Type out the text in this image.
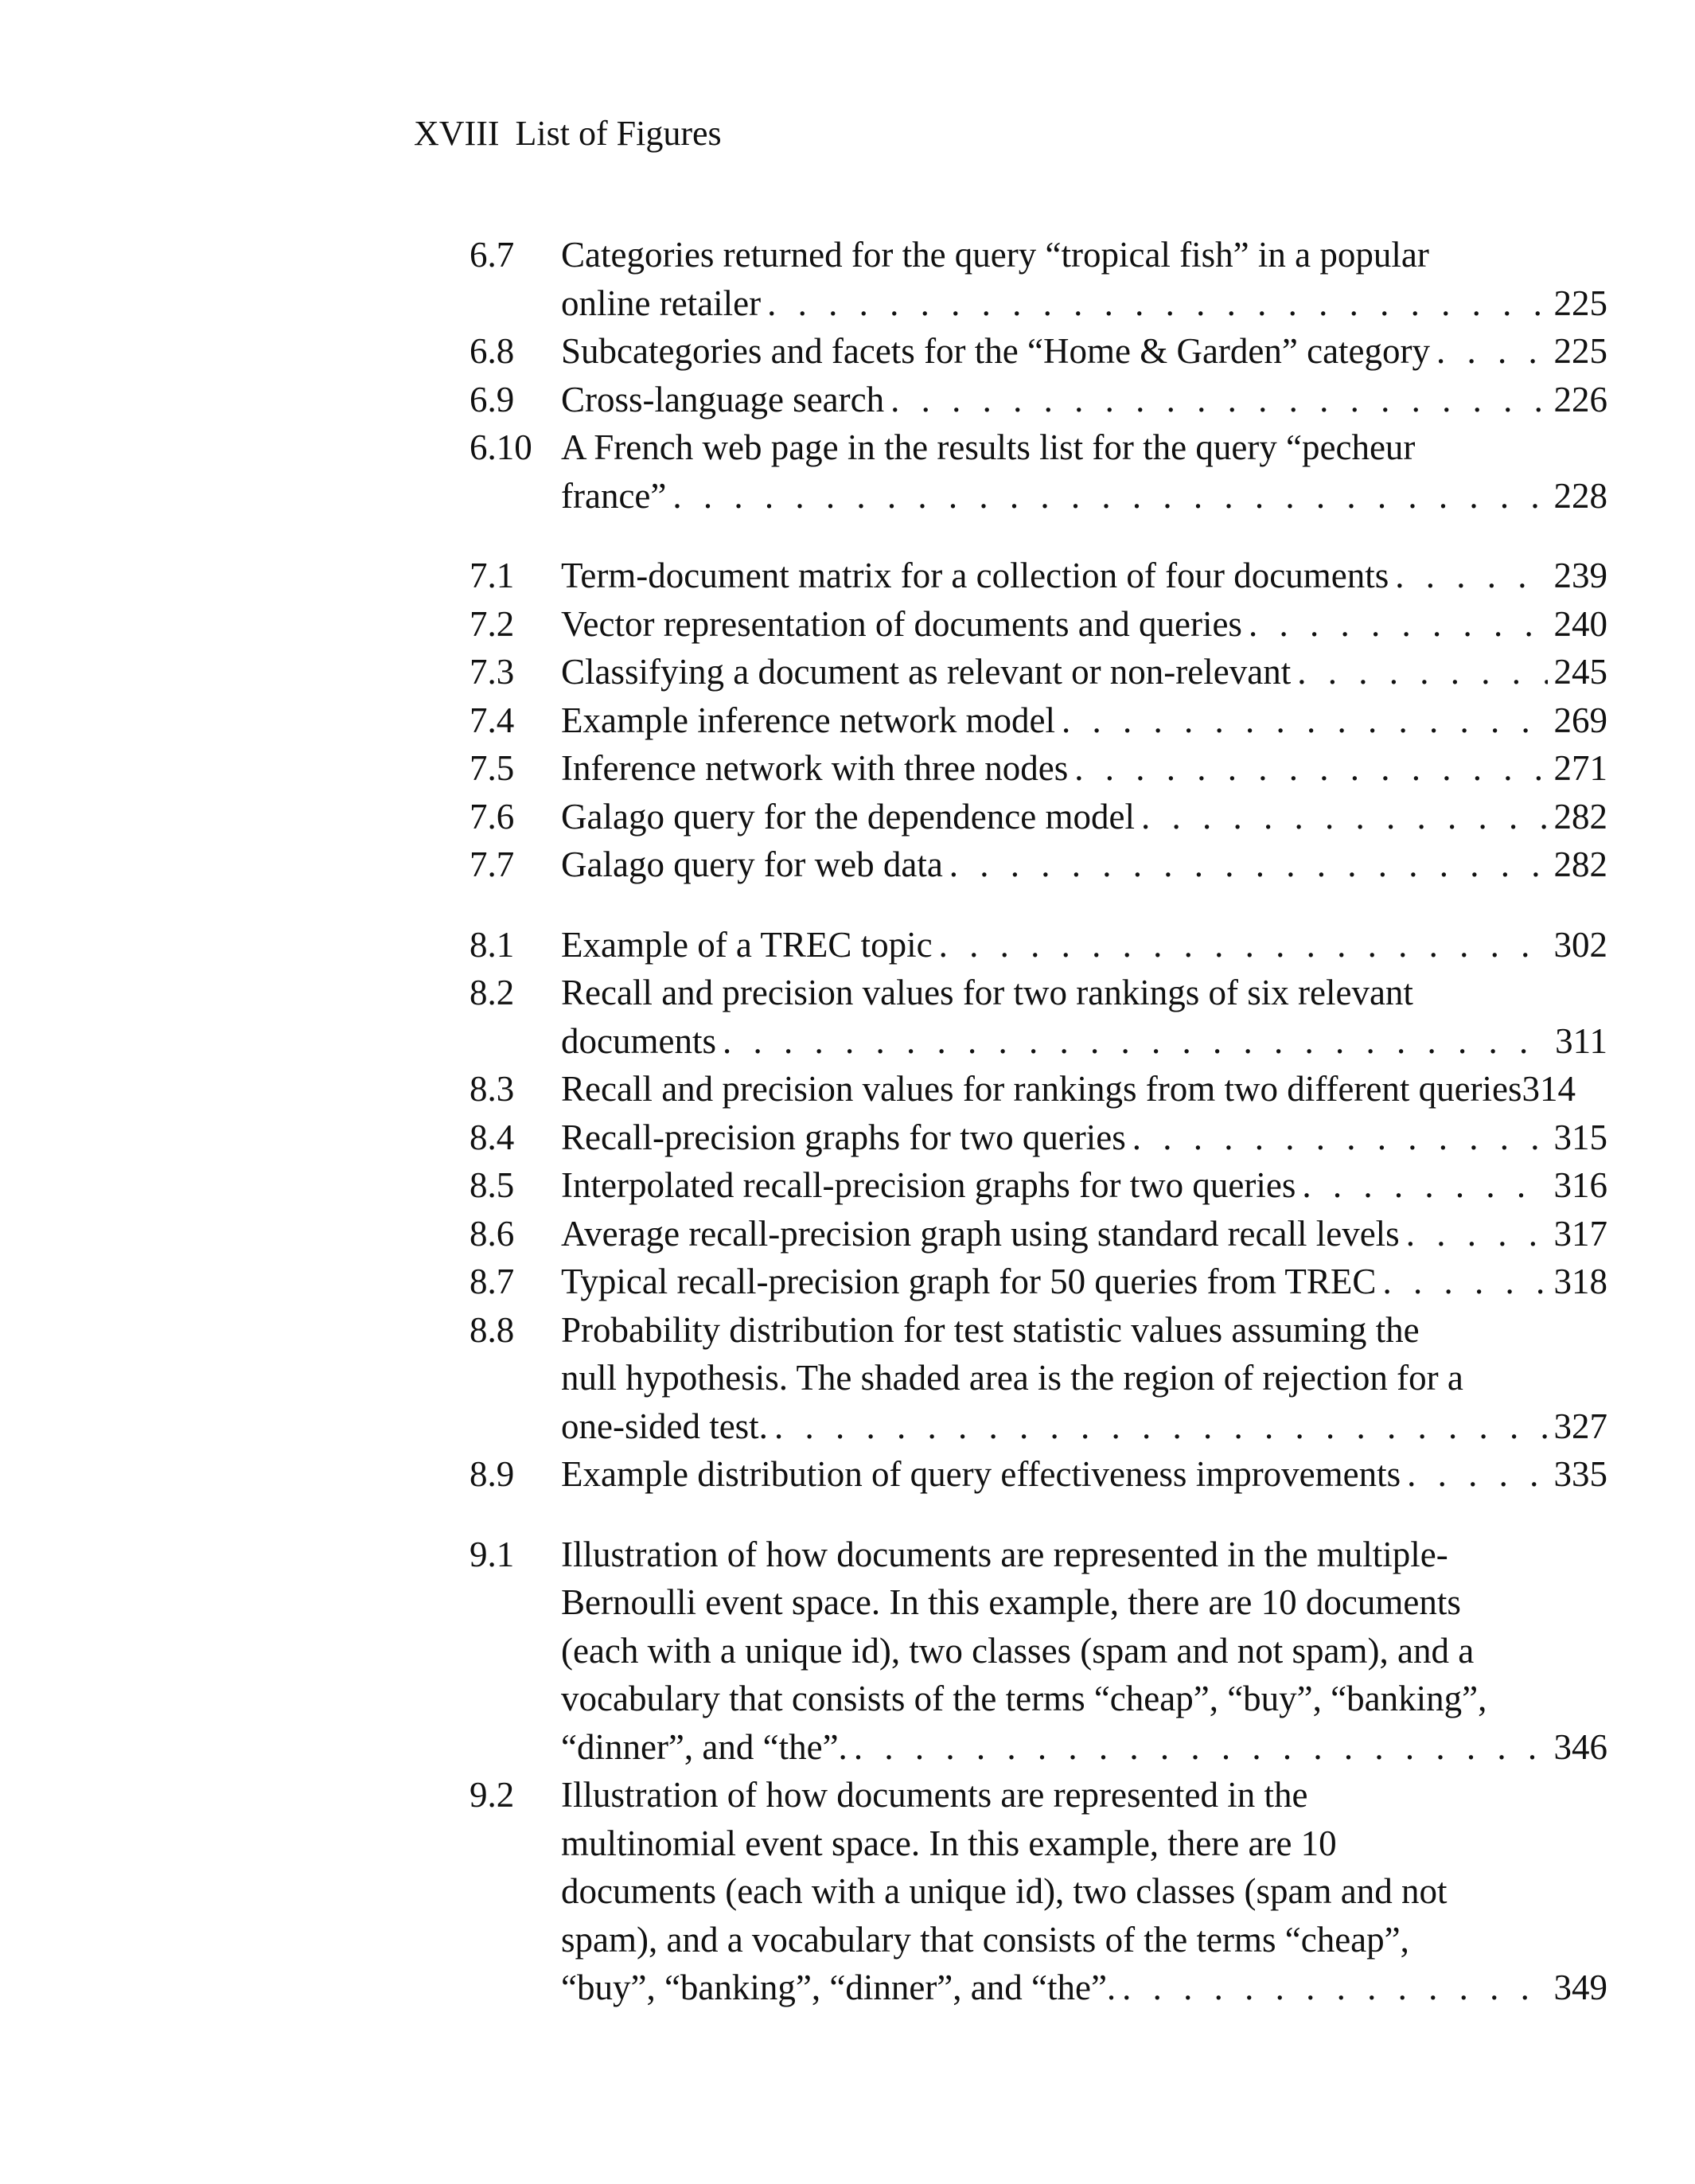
XVIII List of Figures
6.7	Categories returned for the query “tropical fish” in a popular
online retailer . . .	225
6.8	Subcategories and facets for the “Home & Garden” category . . .	225
6.9	Cross-language search . . .	226
6.10 A French web page in the results list for the query “pecheur
france” . . .	228
7.1	Term-document matrix for a collection of four documents . . .	239
7.2	Vector representation of documents and queries . . .	240
7.3	Classifying a document as relevant or non-relevant . . .	245
7.4	Example inference network model . . .	269
7.5	Inference network with three nodes . . .	271
7.6	Galago query for the dependence model . . .	282
7.7	Galago query for web data . . .	282
8.1	Example of a TREC topic . . .	302
8.2	Recall and precision values for two rankings of six relevant
documents . . .	311
8.3	Recall and precision values for rankings from two different queries 314
8.4	Recall-precision graphs for two queries . . .	315
8.5	Interpolated recall-precision graphs for two queries . . .	316
8.6	Average recall-precision graph using standard recall levels . . .	317
8.7	Typical recall-precision graph for 50 queries from TREC . . .	318
8.8	Probability distribution for test statistic values assuming the
null hypothesis. The shaded area is the region of rejection for a
one-sided test. . . .	327
8.9	Example distribution of query effectiveness improvements . . .	335
9.1	Illustration of how documents are represented in the multiple-
Bernoulli event space. In this example, there are 10 documents
(each with a unique id), two classes (spam and not spam), and a
vocabulary that consists of the terms “cheap”, “buy”, “banking”,
“dinner”, and “the”. . . .	346
9.2	Illustration of how documents are represented in the
multinomial event space. In this example, there are 10
documents (each with a unique id), two classes (spam and not
spam), and a vocabulary that consists of the terms “cheap”,
“buy”, “banking”, “dinner”, and “the”. . . .	349
